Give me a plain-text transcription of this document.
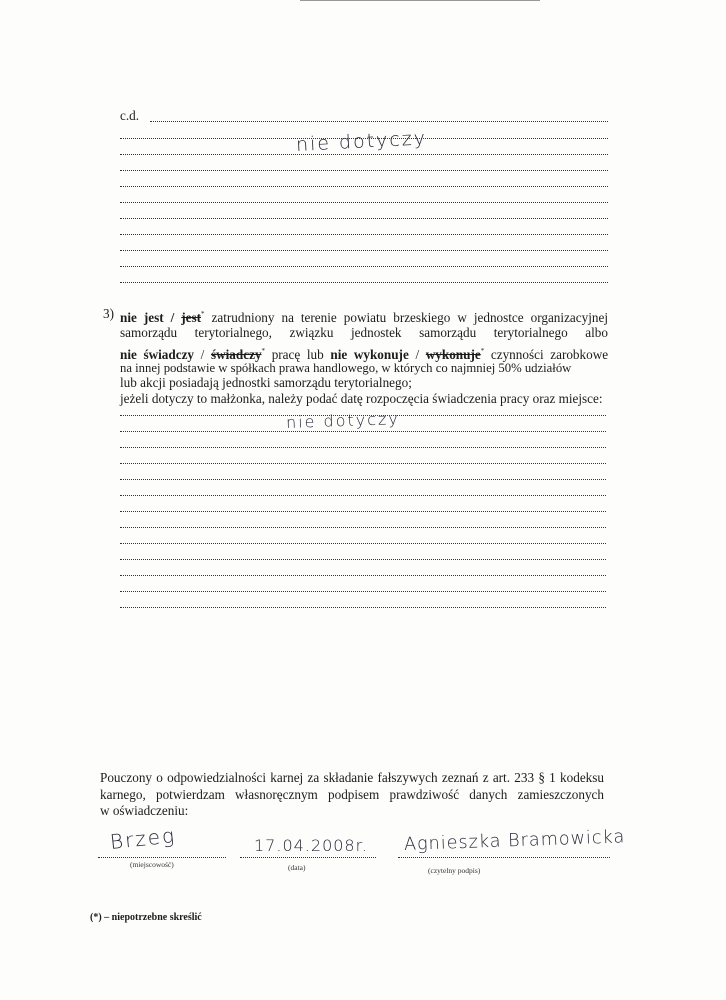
c.d.
nie dotyczy
3) nie jest / jest* zatrudniony na terenie powiatu brzeskiego w jednostce organizacyjnej
samorządu terytorialnego, związku jednostek samorządu terytorialnego albo
nie świadczy / świadczy* pracę lub nie wykonuje / wykonuje* czynności zarobkowe
na innej podstawie w spółkach prawa handlowego, w których co najmniej 50% udziałów
lub akcji posiadają jednostki samorządu terytorialnego;
jeżeli dotyczy to małżonka, należy podać datę rozpoczęcia świadczenia pracy oraz miejsce:
nie dotyczy
Pouczony o odpowiedzialności karnej za składanie fałszywych zeznań z art. 233 § 1 kodeksu
karnego, potwierdzam własnoręcznym podpisem prawdziwość danych zamieszczonych
w oświadczeniu:
Brzeg	17.04.2008r. Agnieszka Bramowicka
(miejscowość)	(data)	(czytelny podpis)
(*) – niepotrzebne skreślić
